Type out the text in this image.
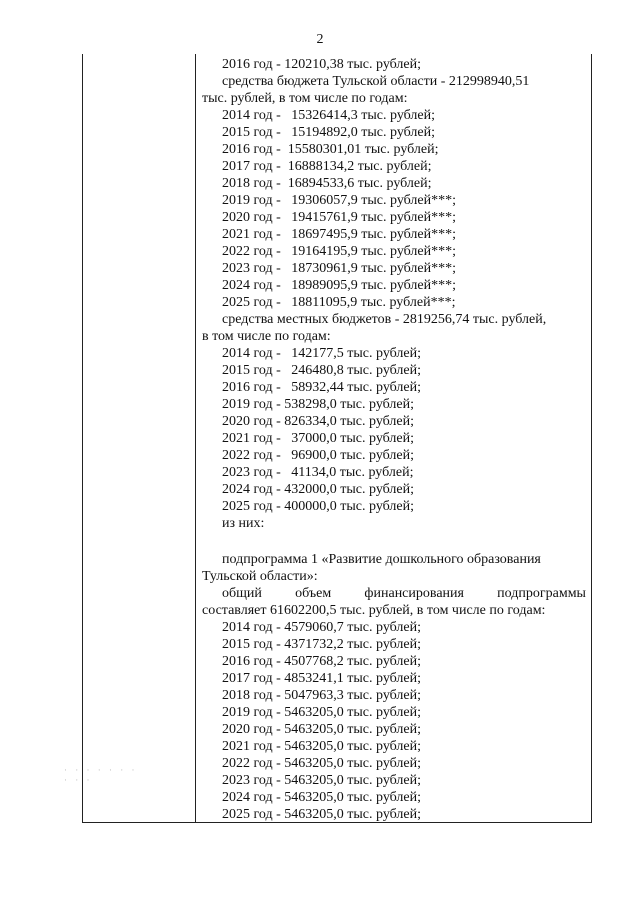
2
· · · · · · · · · ·
2016 год - 120210,38 тыс. рублей;
средства бюджета Тульской области - 212998940,51
тыс. рублей, в том числе по годам:
2014 год -   15326414,3 тыс. рублей;
2015 год -   15194892,0 тыс. рублей;
2016 год -  15580301,01 тыс. рублей;
2017 год -  16888134,2 тыс. рублей;
2018 год -  16894533,6 тыс. рублей;
2019 год -   19306057,9 тыс. рублей***;
2020 год -   19415761,9 тыс. рублей***;
2021 год -   18697495,9 тыс. рублей***;
2022 год -   19164195,9 тыс. рублей***;
2023 год -   18730961,9 тыс. рублей***;
2024 год -   18989095,9 тыс. рублей***;
2025 год -   18811095,9 тыс. рублей***;
средства местных бюджетов - 2819256,74 тыс. рублей,
в том числе по годам:
2014 год -   142177,5 тыс. рублей;
2015 год -   246480,8 тыс. рублей;
2016 год -   58932,44 тыс. рублей;
2019 год - 538298,0 тыс. рублей;
2020 год - 826334,0 тыс. рублей;
2021 год -   37000,0 тыс. рублей;
2022 год -   96900,0 тыс. рублей;
2023 год -   41134,0 тыс. рублей;
2024 год - 432000,0 тыс. рублей;
2025 год - 400000,0 тыс. рублей;
из них:
подпрограмма 1 «Развитие дошкольного образования
Тульской области»:
общий объем финансирования подпрограммы
составляет 61602200,5 тыс. рублей, в том числе по годам:
2014 год - 4579060,7 тыс. рублей;
2015 год - 4371732,2 тыс. рублей;
2016 год - 4507768,2 тыс. рублей;
2017 год - 4853241,1 тыс. рублей;
2018 год - 5047963,3 тыс. рублей;
2019 год - 5463205,0 тыс. рублей;
2020 год - 5463205,0 тыс. рублей;
2021 год - 5463205,0 тыс. рублей;
2022 год - 5463205,0 тыс. рублей;
2023 год - 5463205,0 тыс. рублей;
2024 год - 5463205,0 тыс. рублей;
2025 год - 5463205,0 тыс. рублей;
